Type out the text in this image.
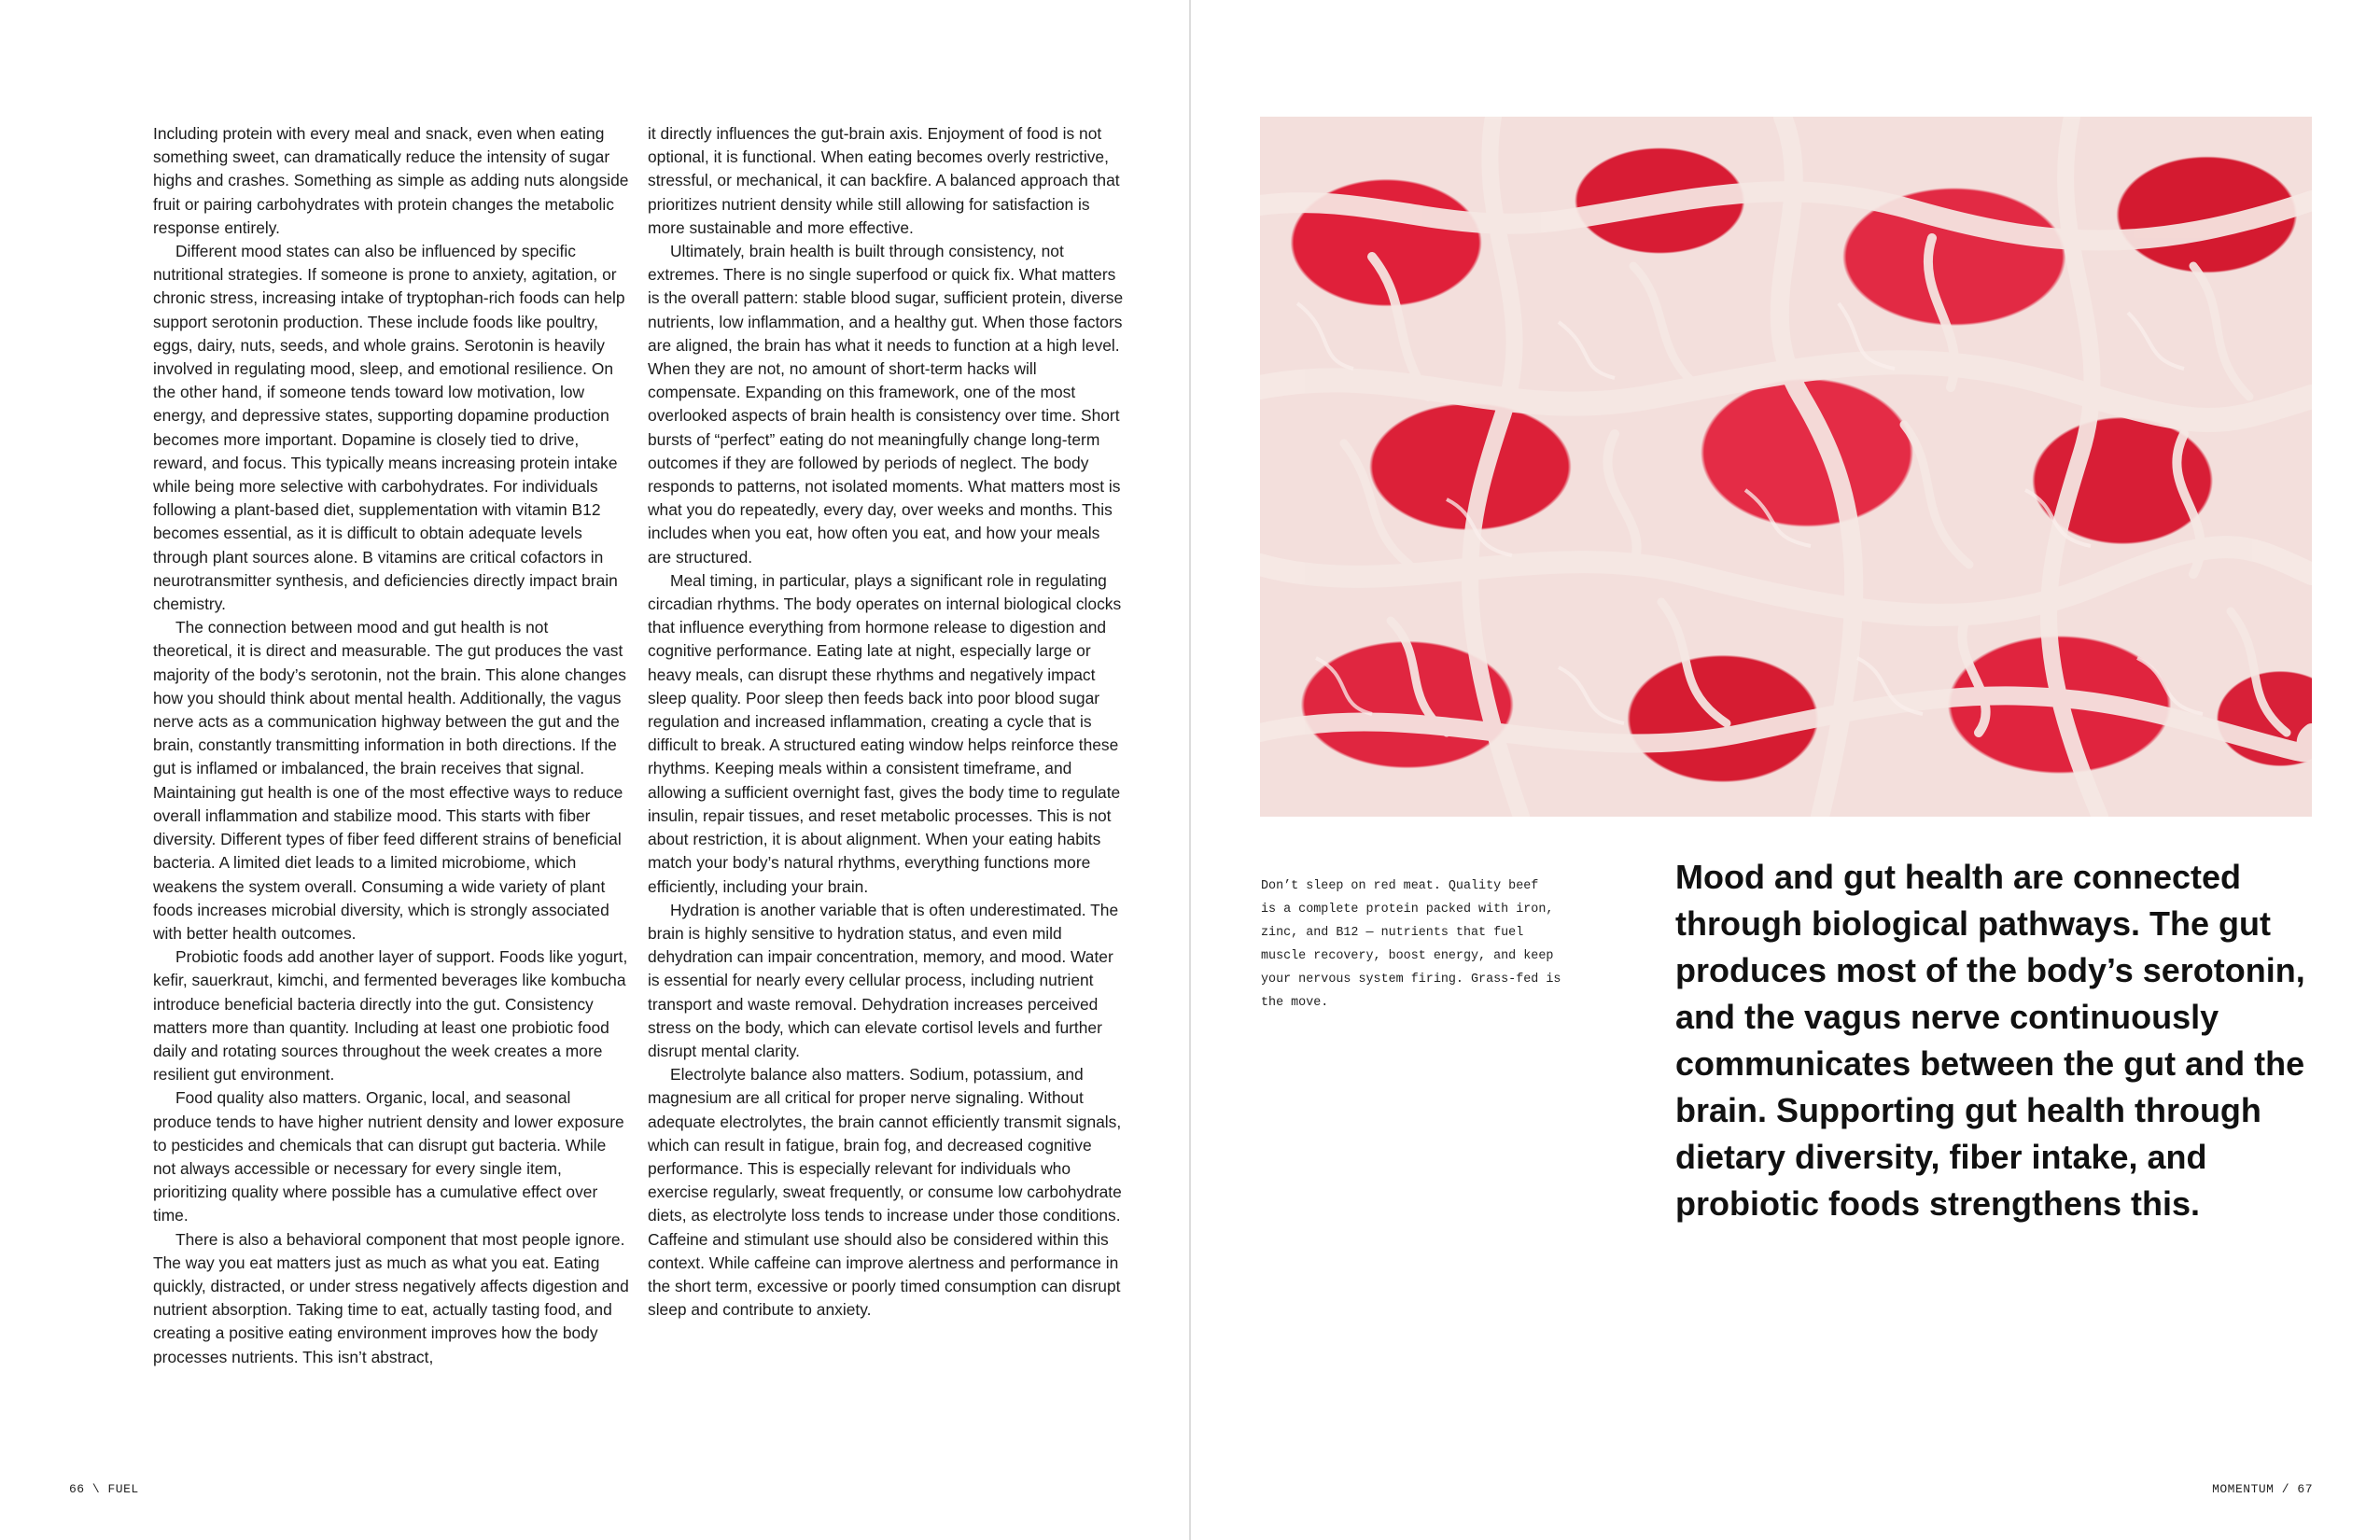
Including protein with every meal and snack, even when eating something sweet, can dramatically reduce the intensity of sugar highs and crashes. Something as simple as adding nuts alongside fruit or pairing carbohydrates with protein changes the metabolic response entirely.

Different mood states can also be influenced by specific nutritional strategies. If someone is prone to anxiety, agitation, or chronic stress, increasing intake of tryptophan-rich foods can help support serotonin production. These include foods like poultry, eggs, dairy, nuts, seeds, and whole grains. Serotonin is heavily involved in regulating mood, sleep, and emotional resilience. On the other hand, if someone tends toward low motivation, low energy, and depressive states, supporting dopamine production becomes more important. Dopamine is closely tied to drive, reward, and focus. This typically means increasing protein intake while being more selective with carbohydrates. For individuals following a plant-based diet, supplementation with vitamin B12 becomes essential, as it is difficult to obtain adequate levels through plant sources alone. B vitamins are critical cofactors in neurotransmitter synthesis, and deficiencies directly impact brain chemistry.

The connection between mood and gut health is not theoretical, it is direct and measurable. The gut produces the vast majority of the body’s serotonin, not the brain. This alone changes how you should think about mental health. Additionally, the vagus nerve acts as a communication highway between the gut and the brain, constantly transmitting information in both directions. If the gut is inflamed or imbalanced, the brain receives that signal. Maintaining gut health is one of the most effective ways to reduce overall inflammation and stabilize mood. This starts with fiber diversity. Different types of fiber feed different strains of beneficial bacteria. A limited diet leads to a limited microbiome, which weakens the system overall. Consuming a wide variety of plant foods increases microbial diversity, which is strongly associated with better health outcomes.

Probiotic foods add another layer of support. Foods like yogurt, kefir, sauerkraut, kimchi, and fermented beverages like kombucha introduce beneficial bacteria directly into the gut. Consistency matters more than quantity. Including at least one probiotic food daily and rotating sources throughout the week creates a more resilient gut environment.

Food quality also matters. Organic, local, and seasonal produce tends to have higher nutrient density and lower exposure to pesticides and chemicals that can disrupt gut bacteria. While not always accessible or necessary for every single item, prioritizing quality where possible has a cumulative effect over time.

There is also a behavioral component that most people ignore. The way you eat matters just as much as what you eat. Eating quickly, distracted, or under stress negatively affects digestion and nutrient absorption. Taking time to eat, actually tasting food, and creating a positive eating environment improves how the body processes nutrients. This isn’t abstract,

it directly influences the gut-brain axis. Enjoyment of food is not optional, it is functional. When eating becomes overly restrictive, stressful, or mechanical, it can backfire. A balanced approach that prioritizes nutrient density while still allowing for satisfaction is more sustainable and more effective.

Ultimately, brain health is built through consistency, not extremes. There is no single superfood or quick fix. What matters is the overall pattern: stable blood sugar, sufficient protein, diverse nutrients, low inflammation, and a healthy gut. When those factors are aligned, the brain has what it needs to function at a high level. When they are not, no amount of short-term hacks will compensate. Expanding on this framework, one of the most overlooked aspects of brain health is consistency over time. Short bursts of “perfect” eating do not meaningfully change long-term outcomes if they are followed by periods of neglect. The body responds to patterns, not isolated moments. What matters most is what you do repeatedly, every day, over weeks and months. This includes when you eat, how often you eat, and how your meals are structured.

Meal timing, in particular, plays a significant role in regulating circadian rhythms. The body operates on internal biological clocks that influence everything from hormone release to digestion and cognitive performance. Eating late at night, especially large or heavy meals, can disrupt these rhythms and negatively impact sleep quality. Poor sleep then feeds back into poor blood sugar regulation and increased inflammation, creating a cycle that is difficult to break. A structured eating window helps reinforce these rhythms. Keeping meals within a consistent timeframe, and allowing a sufficient overnight fast, gives the body time to regulate insulin, repair tissues, and reset metabolic processes. This is not about restriction, it is about alignment. When your eating habits match your body’s natural rhythms, everything functions more efficiently, including your brain.

Hydration is another variable that is often underestimated. The brain is highly sensitive to hydration status, and even mild dehydration can impair concentration, memory, and mood. Water is essential for nearly every cellular process, including nutrient transport and waste removal. Dehydration increases perceived stress on the body, which can elevate cortisol levels and further disrupt mental clarity.

Electrolyte balance also matters. Sodium, potassium, and magnesium are all critical for proper nerve signaling. Without adequate electrolytes, the brain cannot efficiently transmit signals, which can result in fatigue, brain fog, and decreased cognitive performance. This is especially relevant for individuals who exercise regularly, sweat frequently, or consume low carbohydrate diets, as electrolyte loss tends to increase under those conditions. Caffeine and stimulant use should also be considered within this context. While caffeine can improve alertness and performance in the short term, excessive or poorly timed consumption can disrupt sleep and contribute to anxiety.

Don’t sleep on red meat. Quality beef

is a complete protein packed with iron,

zinc, and B12 — nutrients that fuel

muscle recovery, boost energy, and keep

your nervous system firing. Grass-fed is

the move.

Mood and gut health are connected

through biological pathways. The gut

produces most of the body’s serotonin,

and the vagus nerve continuously

communicates between the gut and the

brain. Supporting gut health through

dietary diversity, fiber intake, and

probiotic foods strengthens this.

66 \ FUEL	MOMENTUM / 67
